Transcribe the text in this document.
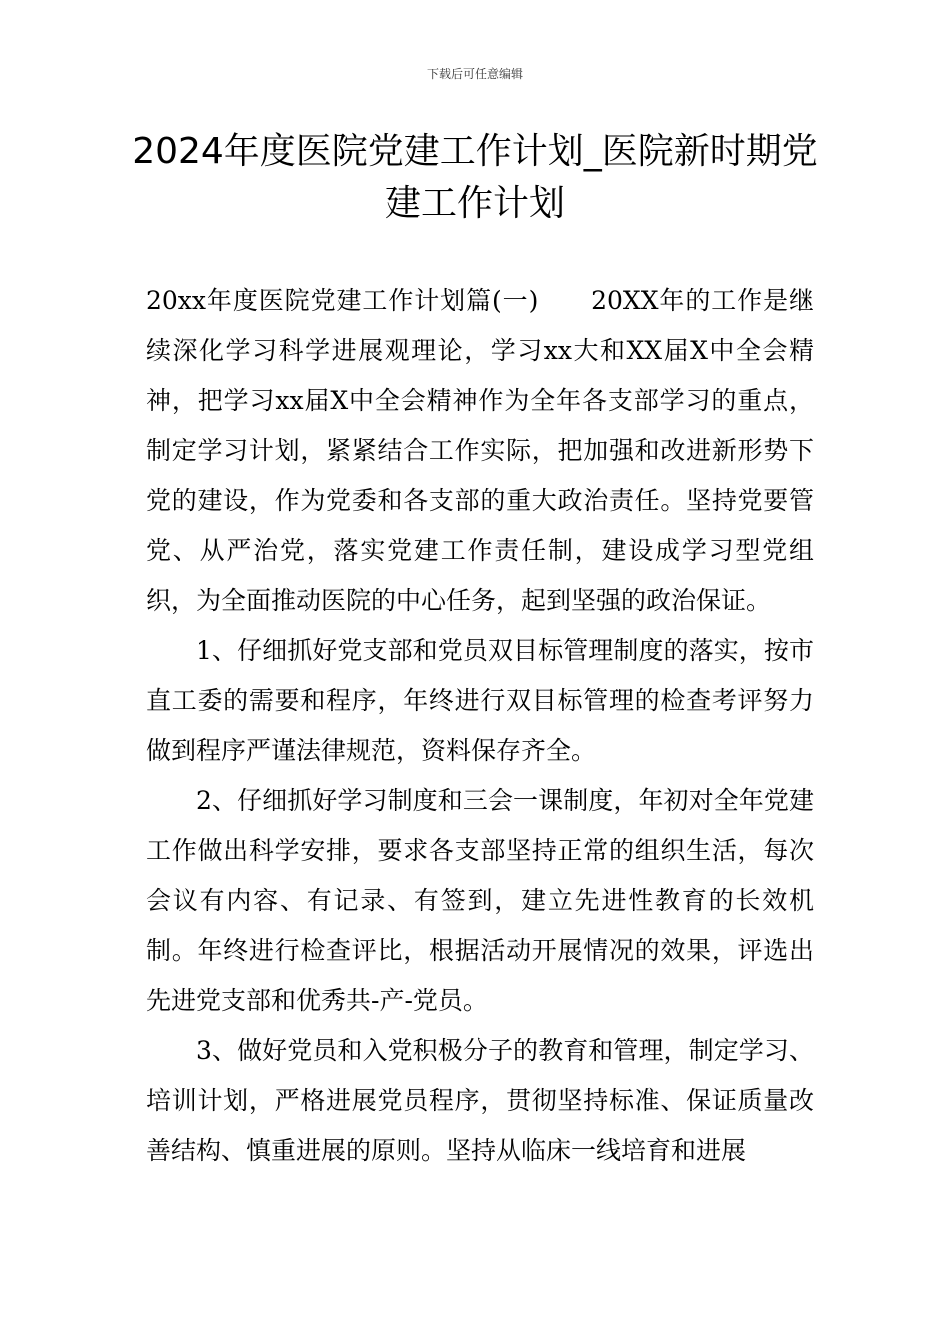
下载后可任意编辑
2024年度医院党建工作计划_医院新时期党建工作计划

20xx年度医院党建工作计划篇(一)　　20XX年的工作是继续深化学习科学进展观理论，学习xx大和XX届X中全会精神，把学习xx届X中全会精神作为全年各支部学习的重点，制定学习计划，紧紧结合工作实际，把加强和改进新形势下党的建设，作为党委和各支部的重大政治责任。坚持党要管党、从严治党，落实党建工作责任制，建设成学习型党组织，为全面推动医院的中心任务，起到坚强的政治保证。

1、仔细抓好党支部和党员双目标管理制度的落实，按市直工委的需要和程序，年终进行双目标管理的检查考评努力做到程序严谨法律规范，资料保存齐全。

2、仔细抓好学习制度和三会一课制度，年初对全年党建工作做出科学安排，要求各支部坚持正常的组织生活，每次会议有内容、有记录、有签到，建立先进性教育的长效机制。年终进行检查评比，根据活动开展情况的效果，评选出先进党支部和优秀共-产-党员。

3、做好党员和入党积极分子的教育和管理，制定学习、培训计划，严格进展党员程序，贯彻坚持标准、保证质量改善结构、慎重进展的原则。坚持从临床一线培育和进展
